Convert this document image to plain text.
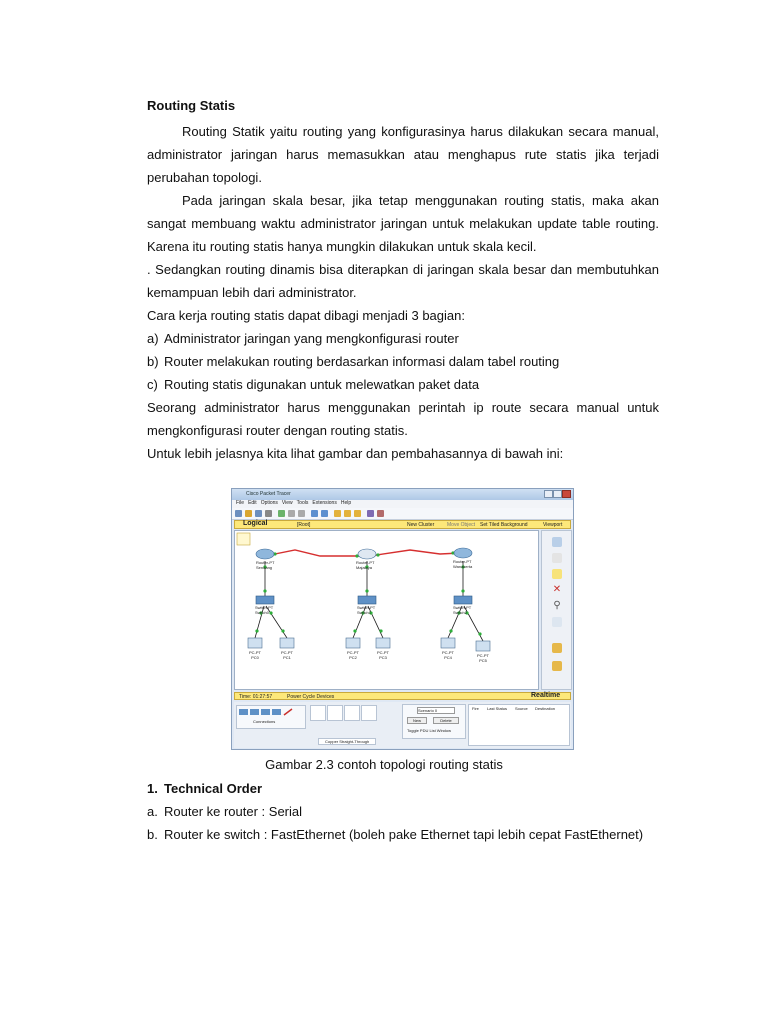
Routing Statis

Routing Statik yaitu routing yang konfigurasinya harus dilakukan secara manual, administrator jaringan harus memasukkan atau menghapus rute statis jika terjadi perubahan topologi.

Pada jaringan skala besar, jika tetap menggunakan routing statis, maka akan sangat membuang waktu administrator jaringan untuk melakukan update table routing. Karena itu routing statis hanya mungkin dilakukan untuk skala kecil.

. Sedangkan routing dinamis bisa diterapkan di jaringan skala besar dan membutuhkan kemampuan lebih dari administrator.

Cara kerja routing statis dapat dibagi menjadi 3 bagian:

a) Administrator jaringan yang mengkonfigurasi router
b) Router melakukan routing berdasarkan informasi dalam tabel routing
c) Routing statis digunakan untuk melewatkan paket data

Seorang administrator harus menggunakan perintah ip route secara manual untuk mengkonfigurasi router dengan routing statis.

Untuk lebih jelasnya kita lihat gambar dan pembahasannya di bawah ini:

Cisco Packet Tracer
File Edit Options View Tools Extensions Help
Logical	[Root]	New Cluster	Move Object Set Tiled Background	Viewport
Router-PT
Sendang
Router-PT
Majalaya
Router-PT
Wanakerta
Switch-PT
Switch0
Switch-PT
Switch1
Switch-PT
Switch2
PC-PT
PC0
PC-PT
PC1
PC-PT
PC2
PC-PT
PC3
PC-PT
PC4	PC-PT
PC5
✕
⚲
Time: 01:27:57	Power Cycle Devices	Realtime
Connections
Copper Straight-Through
Scenario 0
New	Delete
Toggle PDU List Window
Fire Last Status Source Destination
Gambar 2.3 contoh topologi routing statis
1. Technical Order
a. Router ke router : Serial
b. Router ke switch : FastEthernet (boleh pake Ethernet tapi lebih cepat FastEthernet)
